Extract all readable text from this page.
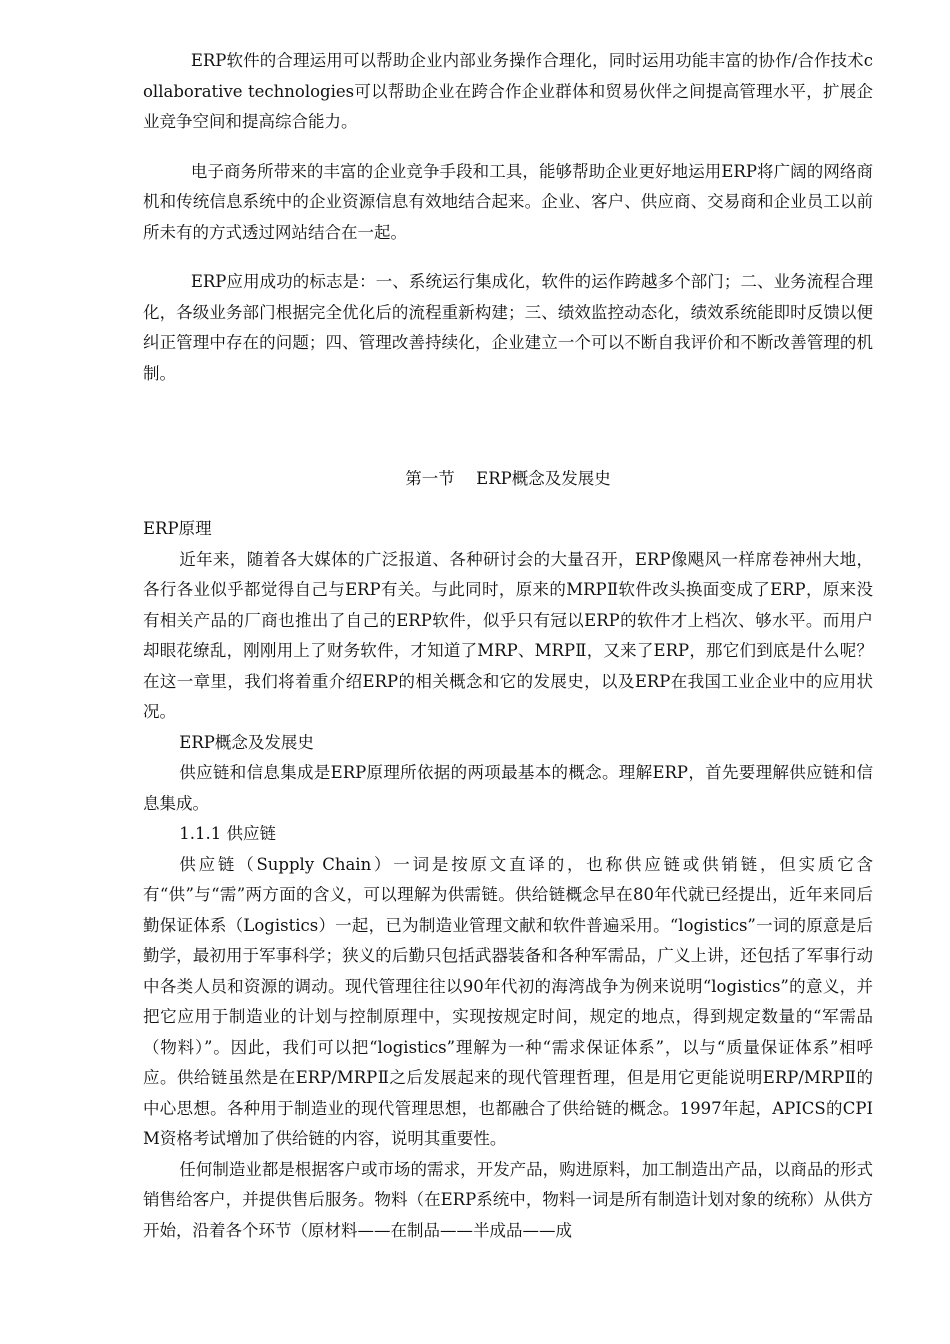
ERP软件的合理运用可以帮助企业内部业务操作合理化，同时运用功能丰富的协作/合作技术collaborative technologies可以帮助企业在跨合作企业群体和贸易伙伴之间提高管理水平，扩展企业竞争空间和提高综合能力。

电子商务所带来的丰富的企业竞争手段和工具，能够帮助企业更好地运用ERP将广阔的网络商机和传统信息系统中的企业资源信息有效地结合起来。企业、客户、供应商、交易商和企业员工以前所未有的方式透过网站结合在一起。

ERP应用成功的标志是：一、系统运行集成化，软件的运作跨越多个部门；二、业务流程合理化，各级业务部门根据完全优化后的流程重新构建；三、绩效监控动态化，绩效系统能即时反馈以便纠正管理中存在的问题；四、管理改善持续化，企业建立一个可以不断自我评价和不断改善管理的机制。

第一节 ERP概念及发展史

ERP原理

近年来，随着各大媒体的广泛报道、各种研讨会的大量召开，ERP像飓风一样席卷神州大地，各行各业似乎都觉得自己与ERP有关。与此同时，原来的MRPⅡ软件改头换面变成了ERP，原来没有相关产品的厂商也推出了自己的ERP软件，似乎只有冠以ERP的软件才上档次、够水平。而用户却眼花缭乱，刚刚用上了财务软件，才知道了MRP、MRPⅡ，又来了ERP，那它们到底是什么呢？ 在这一章里，我们将着重介绍ERP的相关概念和它的发展史，以及ERP在我国工业企业中的应用状况。

ERP概念及发展史

供应链和信息集成是ERP原理所依据的两项最基本的概念。理解ERP，首先要理解供应链和信息集成。

1.1.1 供应链

供应链（Supply Chain）一词是按原文直译的，也称供应链或供销链，但实质它含有“供”与“需”两方面的含义，可以理解为供需链。供给链概念早在80年代就已经提出，近年来同后勤保证体系（Logistics）一起，已为制造业管理文献和软件普遍采用。“logistics”一词的原意是后勤学，最初用于军事科学；狭义的后勤只包括武器装备和各种军需品，广义上讲，还包括了军事行动中各类人员和资源的调动。现代管理往往以90年代初的海湾战争为例来说明“logistics”的意义，并把它应用于制造业的计划与控制原理中，实现按规定时间，规定的地点，得到规定数量的“军需品（物料）”。因此，我们可以把“logistics”理解为一种“需求保证体系”，以与“质量保证体系”相呼应。供给链虽然是在ERP/MRPⅡ之后发展起来的现代管理哲理，但是用它更能说明ERP/MRPⅡ的中心思想。各种用于制造业的现代管理思想，也都融合了供给链的概念。1997年起，APICS的CPIM资格考试增加了供给链的内容，说明其重要性。

任何制造业都是根据客户或市场的需求，开发产品，购进原料，加工制造出产品，以商品的形式销售给客户，并提供售后服务。物料（在ERP系统中，物料一词是所有制造计划对象的统称）从供方开始，沿着各个环节（原材料——在制品——半成品——成
